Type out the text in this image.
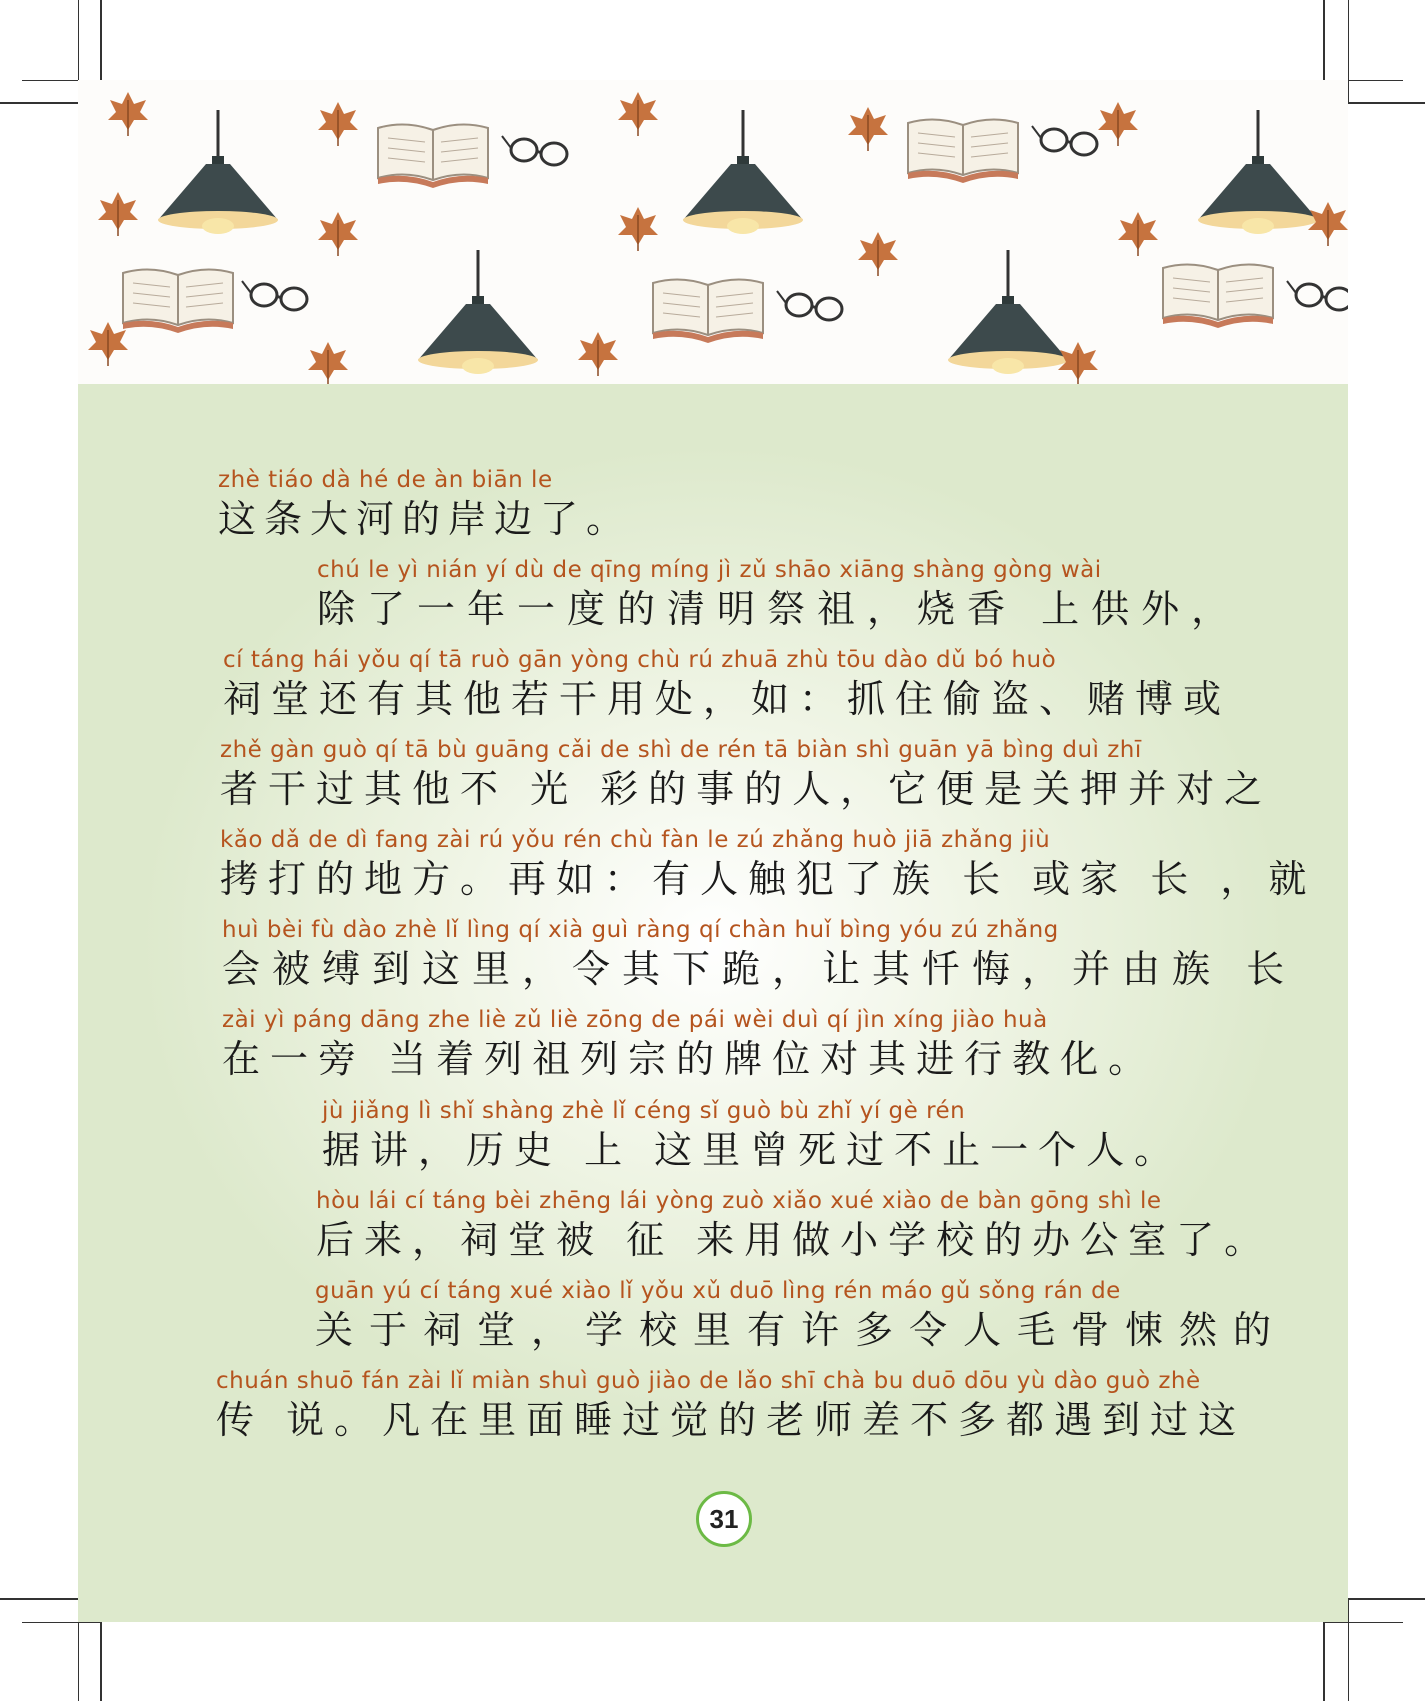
zhè tiáo dà hé de àn biān le
这条大河的岸边了。
chú le yì nián yí dù de qīng míng jì zǔ shāo xiāng shàng gòng wài
除了一年一度的清明祭祖，烧香 上供外，
cí táng hái yǒu qí tā ruò gān yòng chù rú zhuā zhù tōu dào dǔ bó huò
祠堂还有其他若干用处，如：抓住偷盗、赌博或
zhě gàn guò qí tā bù guāng cǎi de shì de rén tā biàn shì guān yā bìng duì zhī
者干过其他不 光 彩的事的人，它便是关押并对之
kǎo dǎ de dì fang zài rú yǒu rén chù fàn le zú zhǎng huò jiā zhǎng jiù
拷打的地方。再如：有人触犯了族 长 或家 长 ，就
huì bèi fù dào zhè lǐ lìng qí xià guì ràng qí chàn huǐ bìng yóu zú zhǎng
会被缚到这里，令其下跪，让其忏悔，并由族 长
zài yì páng dāng zhe liè zǔ liè zōng de pái wèi duì qí jìn xíng jiào huà
在一旁 当着列祖列宗的牌位对其进行教化。
jù jiǎng lì shǐ shàng zhè lǐ céng sǐ guò bù zhǐ yí gè rén
据讲，历史 上 这里曾死过不止一个人。
hòu lái cí táng bèi zhēng lái yòng zuò xiǎo xué xiào de bàn gōng shì le
后来，祠堂被 征 来用做小学校的办公室了。
guān yú cí táng xué xiào lǐ yǒu xǔ duō lìng rén máo gǔ sǒng rán de
关于祠堂，学校里有许多令人毛骨悚然的
chuán shuō fán zài lǐ miàn shuì guò jiào de lǎo shī chà bu duō dōu yù dào guò zhè
传 说。凡在里面睡过觉的老师差不多都遇到过这
31
